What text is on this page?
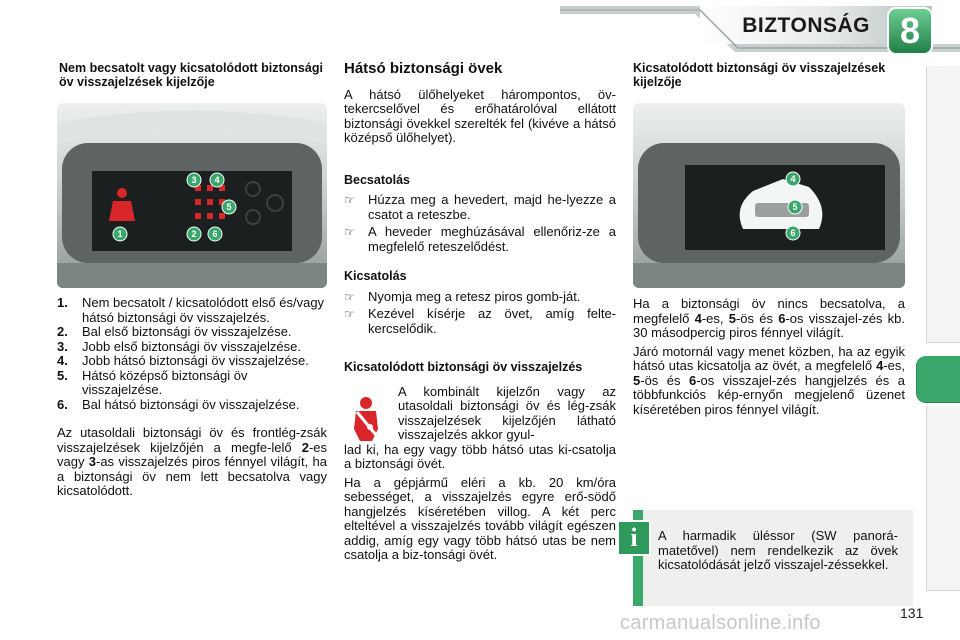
BIZTONSÁG 8
Nem becsatolt vagy kicsatolódott biztonsági öv visszajelzések kijelzője
3 4
5
6
1	2
1. Nem becsatolt / kicsatolódott első és/vagy hátsó biztonsági öv visszajelzés.
2. Bal első biztonsági öv visszajelzése.
3. Jobb első biztonsági öv visszajelzése.
4. Jobb hátsó biztonsági öv visszajelzése.
5. Hátsó középső biztonsági öv visszajelzése.
6. Bal hátsó biztonsági öv visszajelzése.

Az utasoldali biztonsági öv és frontlég-zsák visszajelzések kijelzőjén a megfe-lelő 2-es vagy 3-as visszajelzés piros fénnyel világít, ha a biztonsági öv nem lett becsatolva vagy kicsatolódott.

Hátsó biztonsági övek

A hátsó ülőhelyeket hárompontos, öv-tekercselővel és erőhatárolóval ellátott biztonsági övekkel szerelték fel (kivéve a hátsó középső ülőhelyet).

Becsatolás
☞ Húzza meg a hevedert, majd he-lyezze a csatot a reteszbe.
☞ A heveder meghúzásával ellenőriz-ze a megfelelő reteszelődést.
Kicsatolás
☞ Nyomja meg a retesz piros gomb-ját.
☞ Kezével kísérje az övet, amíg felte-kercselődik.
Kicsatolódott biztonsági öv visszajelzés

A kombinált kijelzőn vagy az utasoldali biztonsági öv és lég-zsák visszajelzések kijelzőjén látható visszajelzés akkor gyul-

lad ki, ha egy vagy több hátsó utas ki-csatolja a biztonsági övét.

Ha a gépjármű eléri a kb. 20 km/óra sebességet, a visszajelzés egyre erő-södő hangjelzés kíséretében villog. A két perc elteltével a visszajelzés tovább világít egészen addig, amíg egy vagy több hátsó utas be nem csatolja a biz-tonsági övét.

Kicsatolódott biztonsági öv visszajelzések kijelzője
4
5
6

Ha a biztonsági öv nincs becsatolva, a megfelelő 4-es, 5-ös és 6-os visszajel-zés kb. 30 másodpercig piros fénnyel világít.

Járó motornál vagy menet közben, ha az egyik hátsó utas kicsatolja az övét, a megfelelő 4-es, 5-ös és 6-os visszajel-zés hangjelzés és a többfunkciós kép-ernyőn megjelenő üzenet kíséretében piros fénnyel világít.

i	A harmadik üléssor (SW panorá-matetővel) nem rendelkezik az övek kicsatolódását jelző visszajel-zéssekkel.
131
carmanualsonline.info
